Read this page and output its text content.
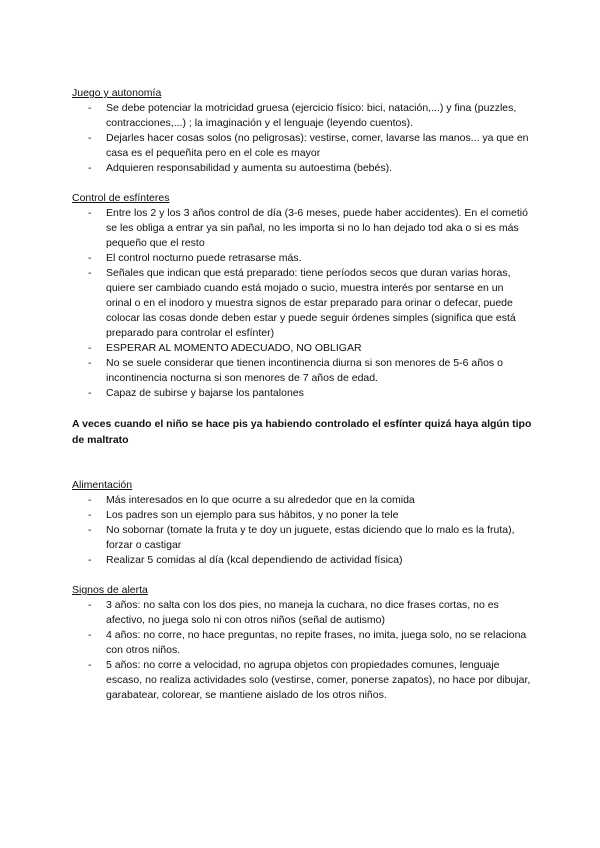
Juego y autonomía

- Se debe potenciar la motricidad gruesa (ejercicio físico: bici, natación,...) y fina (puzzles, contracciones,...) ; la imaginación y el lenguaje (leyendo cuentos).
- Dejarles hacer cosas solos (no peligrosas): vestirse, comer, lavarse las manos... ya que en casa es el pequeñita pero en el cole es mayor
- Adquieren responsabilidad y aumenta su autoestima (bebés).

Control de esfínteres

- Entre los 2 y los 3 años control de día (3-6 meses, puede haber accidentes). En el cometió se les obliga a entrar ya sin pañal, no les importa si no lo han dejado tod aka o si es más pequeño que el resto
- El control nocturno puede retrasarse más.
- Señales que indican que está preparado: tiene períodos secos que duran varias horas, quiere ser cambiado cuando está mojado o sucio, muestra interés por sentarse en un orinal o en el inodoro y muestra signos de estar preparado para orinar o defecar, puede colocar las cosas donde deben estar y puede seguir órdenes simples (significa que está preparado para controlar el esfínter)
- ESPERAR AL MOMENTO ADECUADO, NO OBLIGAR
- No se suele considerar que tienen incontinencia diurna si son menores de 5-6 años o incontinencia nocturna si son menores de 7 años de edad.
- Capaz de subirse y bajarse los pantalones

A veces cuando el niño se hace pis ya habiendo controlado el esfínter quizá haya algún tipo de maltrato

Alimentación

- Más interesados en lo que ocurre a su alrededor que en la comida
- Los padres son un ejemplo para sus hábitos, y no poner la tele
- No sobornar (tomate la fruta y te doy un juguete, estas diciendo que lo malo es la fruta), forzar o castigar
- Realizar 5 comidas al día (kcal dependiendo de actividad física)

Signos de alerta

- 3 años: no salta con los dos pies, no maneja la cuchara, no dice frases cortas, no es afectivo, no juega solo ni con otros niños (señal de autismo)
- 4 años: no corre, no hace preguntas, no repite frases, no imita, juega solo, no se relaciona con otros niños.
- 5 años: no corre a velocidad, no agrupa objetos con propiedades comunes, lenguaje escaso, no realiza actividades solo (vestirse, comer, ponerse zapatos), no hace por dibujar, garabatear, colorear, se mantiene aislado de los otros niños.
